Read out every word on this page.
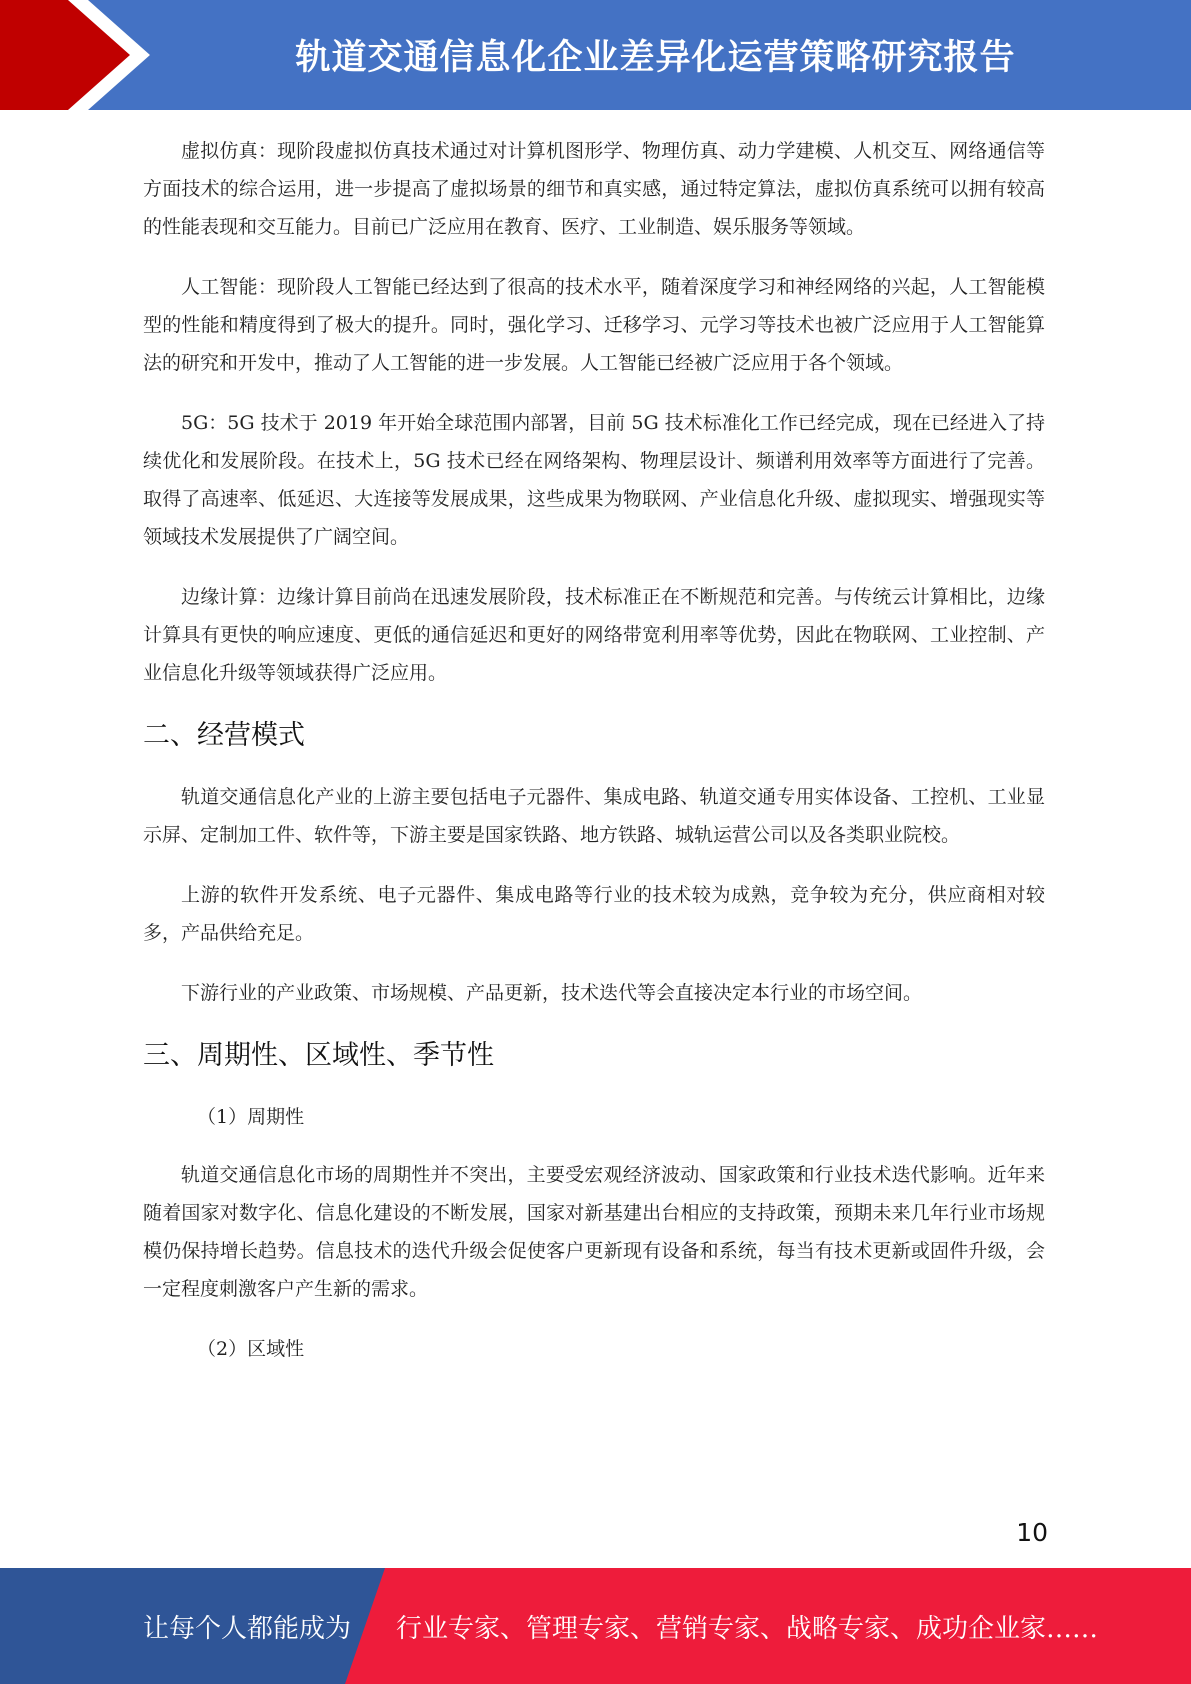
轨道交通信息化企业差异化运营策略研究报告

虚拟仿真：现阶段虚拟仿真技术通过对计算机图形学、物理仿真、动力学建模、人机交互、网络通信等方面技术的综合运用，进一步提高了虚拟场景的细节和真实感，通过特定算法，虚拟仿真系统可以拥有较高的性能表现和交互能力。目前已广泛应用在教育、医疗、工业制造、娱乐服务等领域。

人工智能：现阶段人工智能已经达到了很高的技术水平，随着深度学习和神经网络的兴起，人工智能模型的性能和精度得到了极大的提升。同时，强化学习、迁移学习、元学习等技术也被广泛应用于人工智能算法的研究和开发中，推动了人工智能的进一步发展。人工智能已经被广泛应用于各个领域。

5G：5G 技术于 2019 年开始全球范围内部署，目前 5G 技术标准化工作已经完成，现在已经进入了持续优化和发展阶段。在技术上，5G 技术已经在网络架构、物理层设计、频谱利用效率等方面进行了完善。取得了高速率、低延迟、大连接等发展成果，这些成果为物联网、产业信息化升级、虚拟现实、增强现实等领域技术发展提供了广阔空间。

边缘计算：边缘计算目前尚在迅速发展阶段，技术标准正在不断规范和完善。与传统云计算相比，边缘计算具有更快的响应速度、更低的通信延迟和更好的网络带宽利用率等优势，因此在物联网、工业控制、产业信息化升级等领域获得广泛应用。

二、经营模式

轨道交通信息化产业的上游主要包括电子元器件、集成电路、轨道交通专用实体设备、工控机、工业显示屏、定制加工件、软件等，下游主要是国家铁路、地方铁路、城轨运营公司以及各类职业院校。

上游的软件开发系统、电子元器件、集成电路等行业的技术较为成熟，竞争较为充分，供应商相对较多，产品供给充足。

下游行业的产业政策、市场规模、产品更新，技术迭代等会直接决定本行业的市场空间。

三、周期性、区域性、季节性
（1）周期性

轨道交通信息化市场的周期性并不突出，主要受宏观经济波动、国家政策和行业技术迭代影响。近年来随着国家对数字化、信息化建设的不断发展，国家对新基建出台相应的支持政策，预期未来几年行业市场规模仍保持增长趋势。信息技术的迭代升级会促使客户更新现有设备和系统，每当有技术更新或固件升级，会一定程度刺激客户产生新的需求。

（2）区域性
10
让每个人都能成为 行业专家、管理专家、营销专家、战略专家、成功企业家……
